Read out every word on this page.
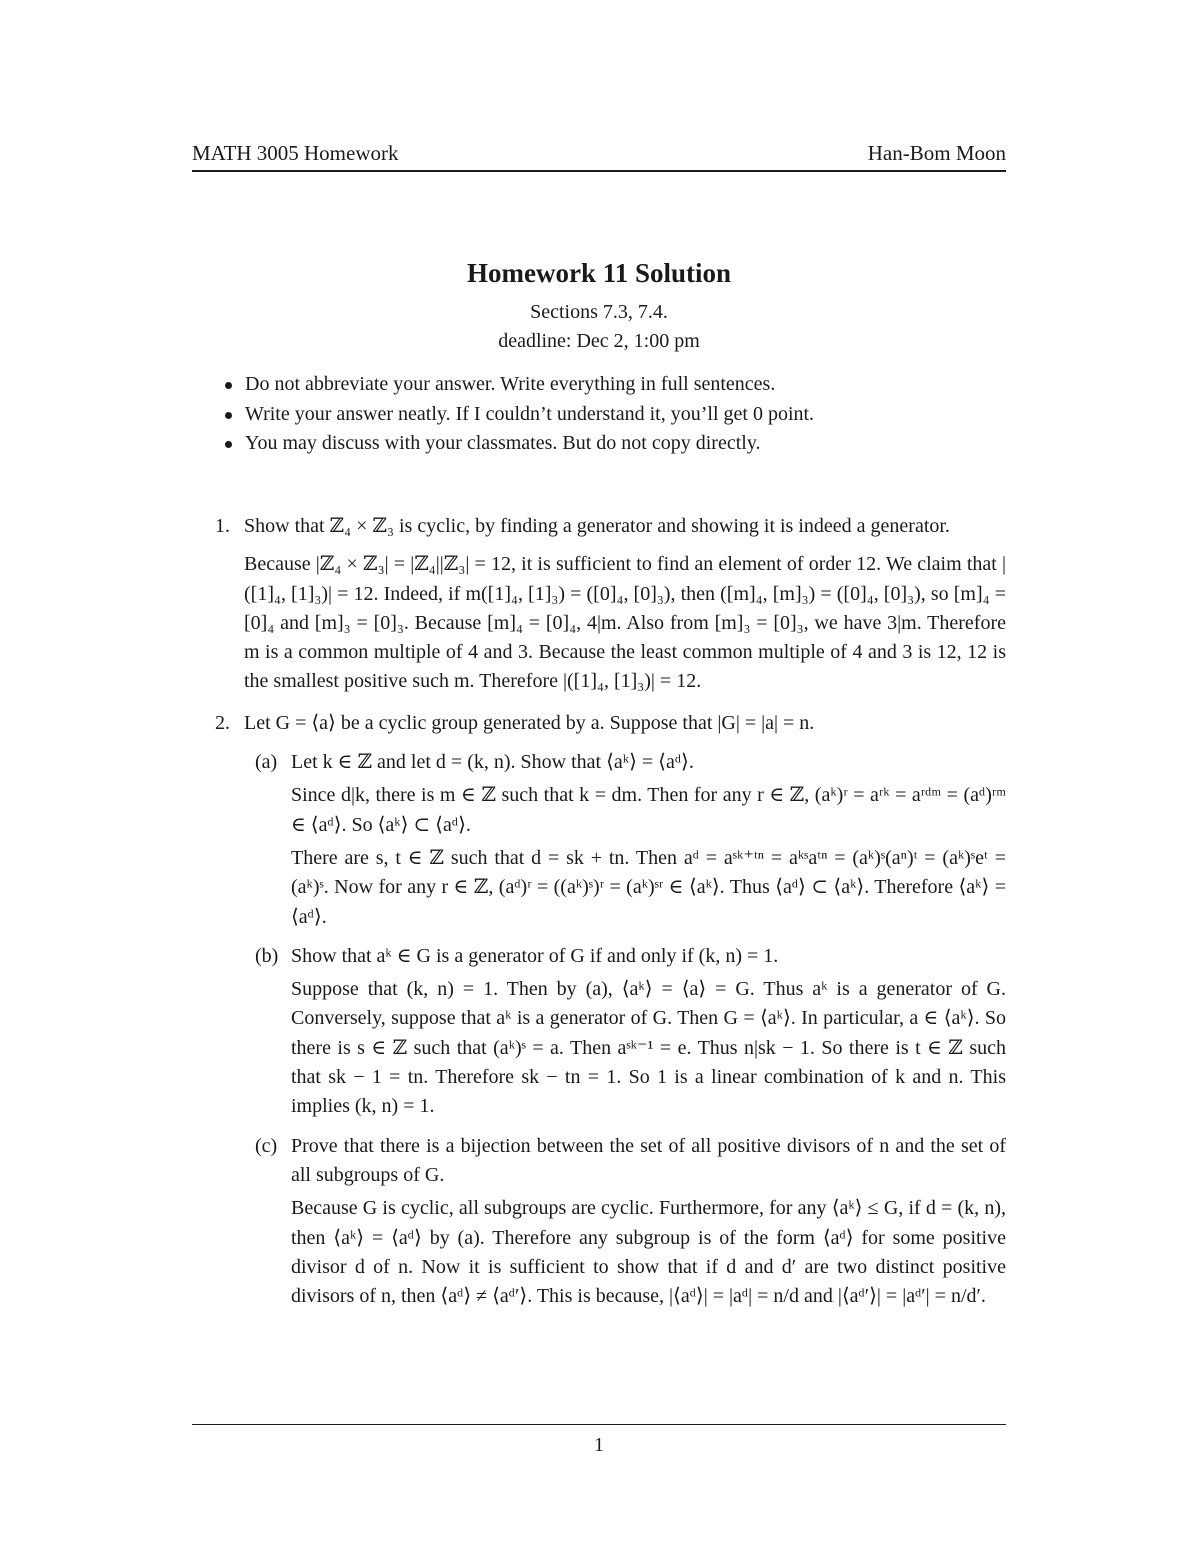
MATH 3005 Homework	Han-Bom Moon
Homework 11 Solution
Sections 7.3, 7.4.
deadline: Dec 2, 1:00 pm
Do not abbreviate your answer. Write everything in full sentences.
Write your answer neatly. If I couldn’t understand it, you’ll get 0 point.
You may discuss with your classmates. But do not copy directly.
1. Show that ℤ₄ × ℤ₃ is cyclic, by finding a generator and showing it is indeed a generator.
Because |ℤ₄ × ℤ₃| = |ℤ₄||ℤ₃| = 12, it is sufficient to find an element of order 12. We claim that |([1]₄, [1]₃)| = 12. Indeed, if m([1]₄, [1]₃) = ([0]₄, [0]₃), then ([m]₄, [m]₃) = ([0]₄, [0]₃), so [m]₄ = [0]₄ and [m]₃ = [0]₃. Because [m]₄ = [0]₄, 4|m. Also from [m]₃ = [0]₃, we have 3|m. Therefore m is a common multiple of 4 and 3. Because the least common multiple of 4 and 3 is 12, 12 is the smallest positive such m. Therefore |([1]₄, [1]₃)| = 12.
2. Let G = ⟨a⟩ be a cyclic group generated by a. Suppose that |G| = |a| = n.
(a) Let k ∈ ℤ and let d = (k, n). Show that ⟨aᵏ⟩ = ⟨aᵈ⟩.
Since d|k, there is m ∈ ℤ such that k = dm. Then for any r ∈ ℤ, (aᵏ)ʳ = aʳᵏ = aʳᵈᵐ = (aᵈ)ʳᵐ ∈ ⟨aᵈ⟩. So ⟨aᵏ⟩ ⊂ ⟨aᵈ⟩.
There are s, t ∈ ℤ such that d = sk + tn. Then aᵈ = aˢᵏ⁺ᵗⁿ = aᵏˢaᵗⁿ = (aᵏ)ˢ(aⁿ)ᵗ = (aᵏ)ˢeᵗ = (aᵏ)ˢ. Now for any r ∈ ℤ, (aᵈ)ʳ = ((aᵏ)ˢ)ʳ = (aᵏ)ˢʳ ∈ ⟨aᵏ⟩. Thus ⟨aᵈ⟩ ⊂ ⟨aᵏ⟩. Therefore ⟨aᵏ⟩ = ⟨aᵈ⟩.
(b) Show that aᵏ ∈ G is a generator of G if and only if (k, n) = 1.
Suppose that (k, n) = 1. Then by (a), ⟨aᵏ⟩ = ⟨a⟩ = G. Thus aᵏ is a generator of G. Conversely, suppose that aᵏ is a generator of G. Then G = ⟨aᵏ⟩. In particular, a ∈ ⟨aᵏ⟩. So there is s ∈ ℤ such that (aᵏ)ˢ = a. Then aˢᵏ⁻¹ = e. Thus n|sk − 1. So there is t ∈ ℤ such that sk − 1 = tn. Therefore sk − tn = 1. So 1 is a linear combination of k and n. This implies (k, n) = 1.
(c) Prove that there is a bijection between the set of all positive divisors of n and the set of all subgroups of G.
Because G is cyclic, all subgroups are cyclic. Furthermore, for any ⟨aᵏ⟩ ≤ G, if d = (k, n), then ⟨aᵏ⟩ = ⟨aᵈ⟩ by (a). Therefore any subgroup is of the form ⟨aᵈ⟩ for some positive divisor d of n. Now it is sufficient to show that if d and d′ are two distinct positive divisors of n, then ⟨aᵈ⟩ ≠ ⟨aᵈ′⟩. This is because, |⟨aᵈ⟩| = |aᵈ| = n/d and |⟨aᵈ′⟩| = |aᵈ′| = n/d′.
1
